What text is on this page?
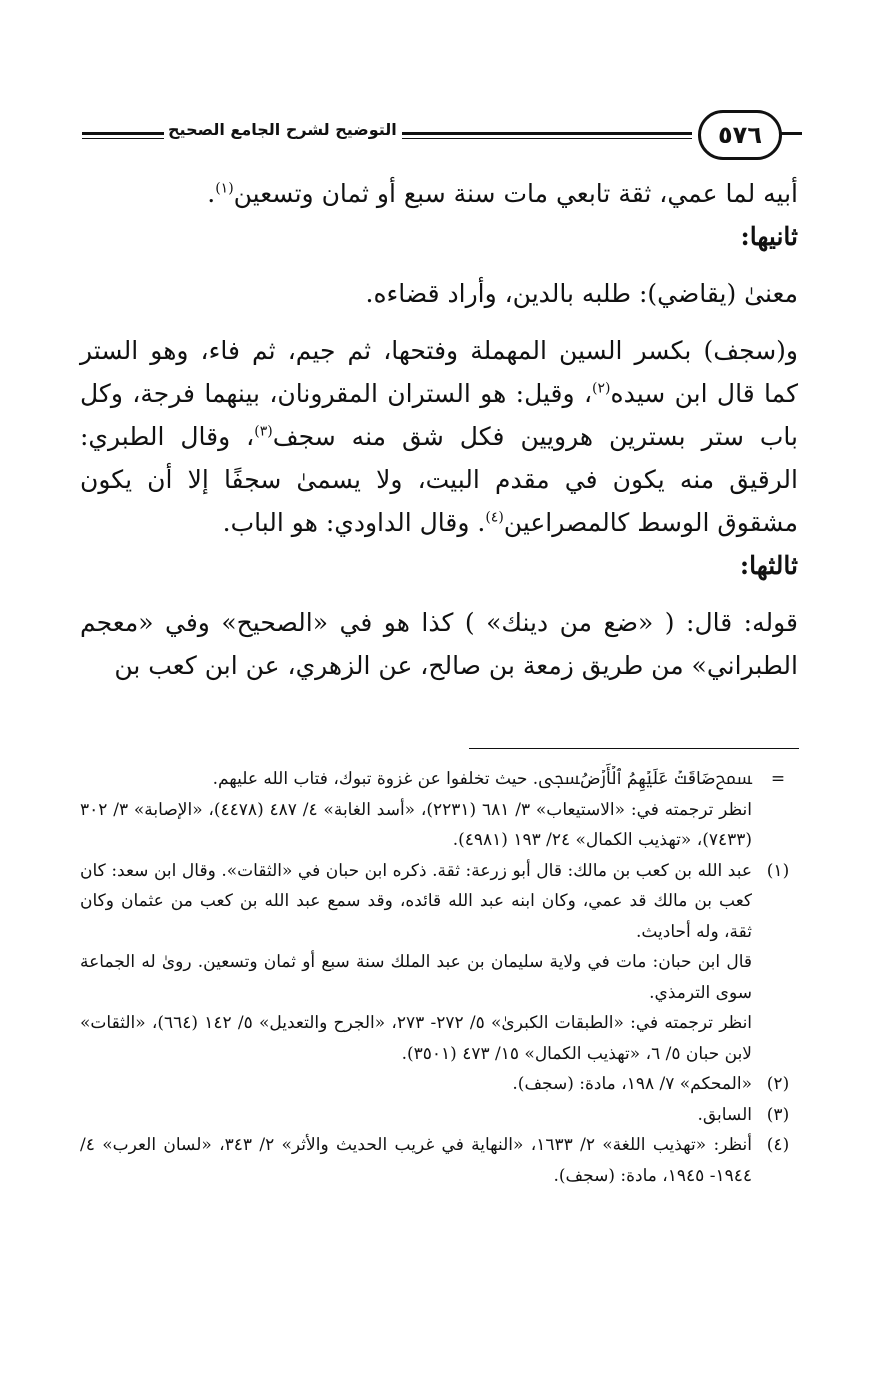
التوضيح لشرح الجامع الصحيح	٥٧٦

أبيه لما عمي، ثقة تابعي مات سنة سبع أو ثمان وتسعين$^{(١)}$.

ثانيها:

معنىٰ (يقاضي): طلبه بالدين، وأراد قضاءه.

و(سجف) بكسر السين المهملة وفتحها، ثم جيم، ثم فاء، وهو الستر كما قال ابن سيده$^{(٢)}$، وقيل: هو الستران المقرونان، بينهما فرجة، وكل باب ستر بسترين هرويين فكل شق منه سجف$^{(٣)}$، وقال الطبري: الرقيق منه يكون في مقدم البيت، ولا يسمىٰ سجفًا إلا أن يكون مشقوق الوسط كالمصراعين$^{(٤)}$. وقال الداودي: هو الباب.

ثالثها:

قوله: قال: ( «ضع من دينك» ) كذا هو في «الصحيح» وفي «معجم الطبراني» من طريق زمعة بن صالح، عن الزهري، عن ابن كعب بن

=

ﵟضَاقَتۡ عَلَيۡهِمُ ٱلۡأَرۡضُﵞ. حيث تخلفوا عن غزوة تبوك، فتاب الله عليهم.

انظر ترجمته في: «الاستيعاب» ٣/ ٦٨١ (٢٢٣١)، «أسد الغابة» ٤/ ٤٨٧ (٤٤٧٨)، «الإصابة» ٣/ ٣٠٢ (٧٤٣٣)، «تهذيب الكمال» ٢٤/ ١٩٣ (٤٩٨١).

(١)

عبد الله بن كعب بن مالك: قال أبو زرعة: ثقة. ذكره ابن حبان في «الثقات». وقال ابن سعد: كان كعب بن مالك قد عمي، وكان ابنه عبد الله قائده، وقد سمع عبد الله بن كعب من عثمان وكان ثقة، وله أحاديث.

قال ابن حبان: مات في ولاية سليمان بن عبد الملك سنة سبع أو ثمان وتسعين. روىٰ له الجماعة سوى الترمذي.

انظر ترجمته في: «الطبقات الكبرىٰ» ٥/ ٢٧٢- ٢٧٣، «الجرح والتعديل» ٥/ ١٤٢ (٦٦٤)، «الثقات» لابن حبان ٥/ ٦، «تهذيب الكمال» ١٥/ ٤٧٣ (٣٥٠١).

(٢)

«المحكم» ٧/ ١٩٨، مادة: (سجف).

(٣)

السابق.

(٤)

أنظر: «تهذيب اللغة» ٢/ ١٦٣٣، «النهاية في غريب الحديث والأثر» ٢/ ٣٤٣، «لسان العرب» ٤/ ١٩٤٤- ١٩٤٥، مادة: (سجف).
